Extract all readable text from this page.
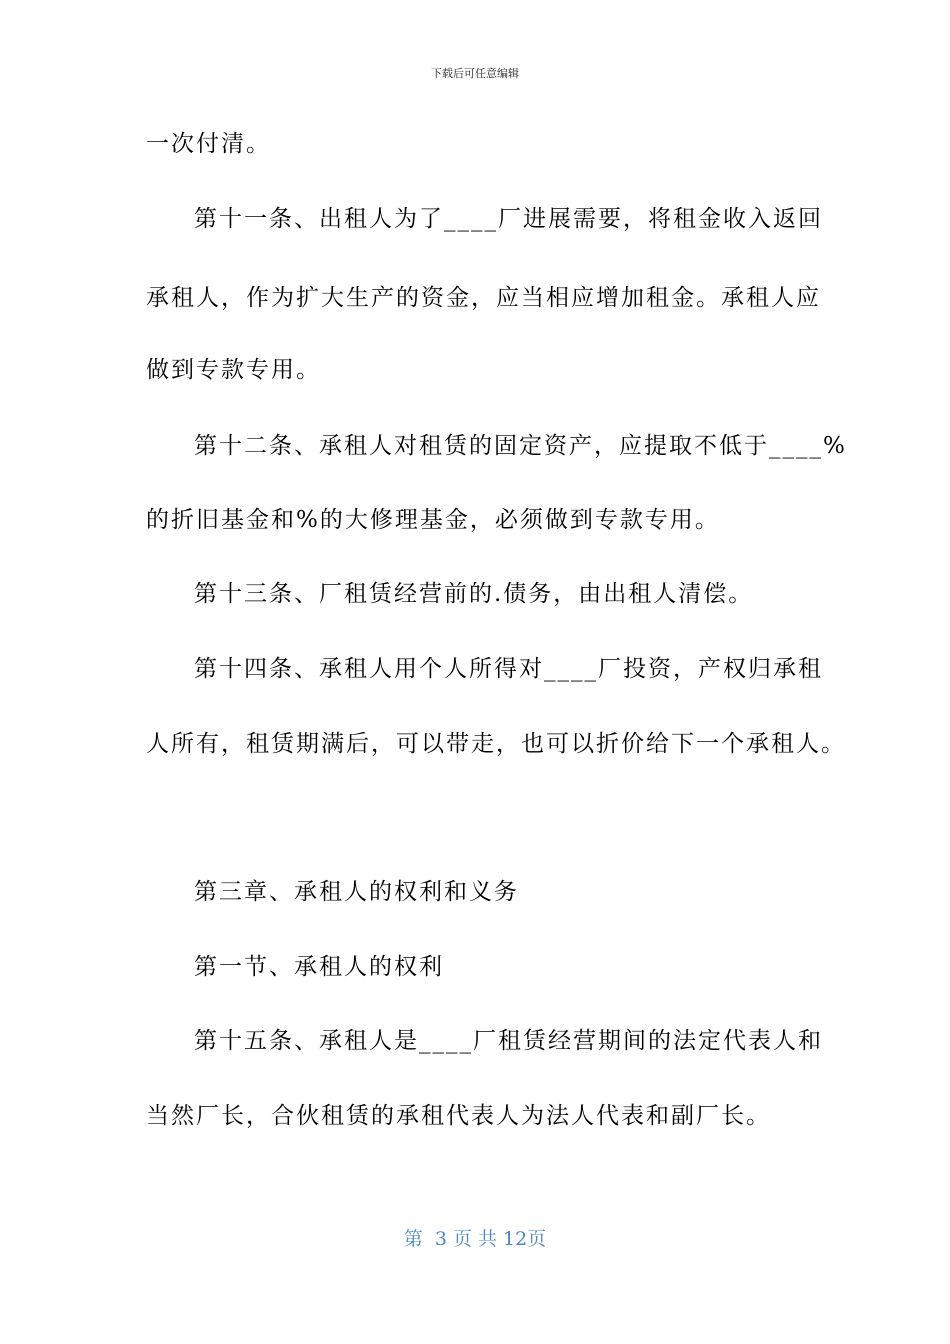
下载后可任意编辑
一次付清。
第十一条、出租人为了____厂进展需要，将租金收入返回
承租人，作为扩大生产的资金，应当相应增加租金。承租人应
做到专款专用。
第十二条、承租人对租赁的固定资产，应提取不低于____%
的折旧基金和%的大修理基金，必须做到专款专用。
第十三条、厂租赁经营前的.债务，由出租人清偿。
第十四条、承租人用个人所得对____厂投资，产权归承租
人所有，租赁期满后，可以带走，也可以折价给下一个承租人。
第三章、承租人的权利和义务
第一节、承租人的权利
第十五条、承租人是____厂租赁经营期间的法定代表人和
当然厂长，合伙租赁的承租代表人为法人代表和副厂长。
第  3 页 共 12页
